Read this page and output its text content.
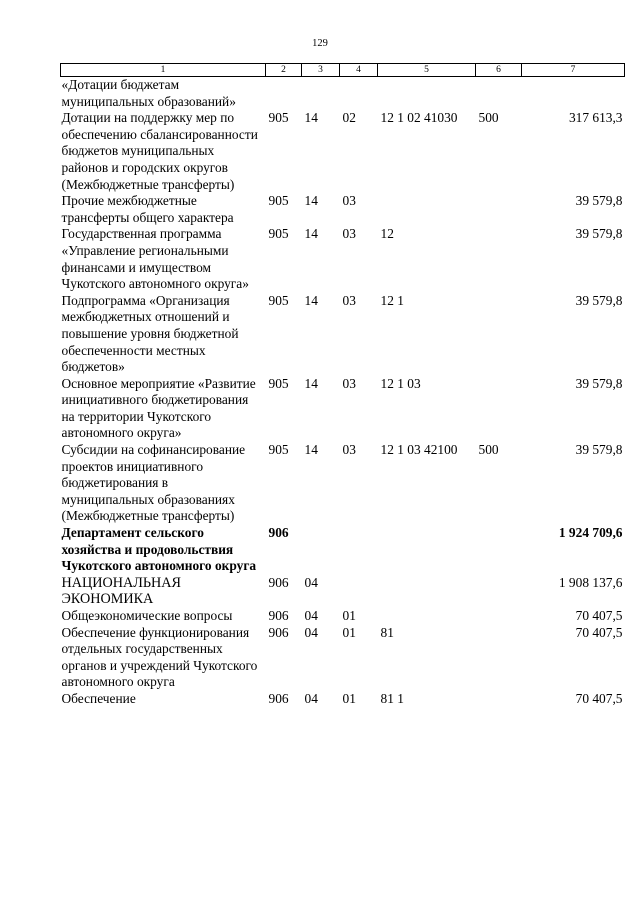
129
1	2	3	4	5	6	7
«Дотации бюджетам муниципальных образований»						
Дотации на поддержку мер по обеспечению сбалансированности бюджетов муниципальных районов и городских округов (Межбюджетные трансферты)	905	14	02	12 1 02 41030	500	317 613,3
Прочие межбюджетные трансферты общего характера	905	14	03			39 579,8
Государственная программа «Управление региональными финансами и имуществом Чукотского автономного округа»	905	14	03	12		39 579,8
Подпрограмма «Организация межбюджетных отношений и повышение уровня бюджетной обеспеченности местных бюджетов»	905	14	03	12 1		39 579,8
Основное мероприятие «Развитие инициативного бюджетирования на территории Чукотского автономного округа»	905	14	03	12 1 03		39 579,8
Субсидии на софинансирование проектов инициативного бюджетирования в муниципальных образованиях (Межбюджетные трансферты)	905	14	03	12 1 03 42100	500	39 579,8
Департамент сельского хозяйства и продовольствия Чукотского автономного округа	906					1 924 709,6
НАЦИОНАЛЬНАЯ ЭКОНОМИКА	906	04				1 908 137,6
Общеэкономические вопросы	906	04	01			70 407,5
Обеспечение функционирования отдельных государственных органов и учреждений Чукотского автономного округа	906	04	01	81		70 407,5
Обеспечение	906	04	01	81 1		70 407,5
